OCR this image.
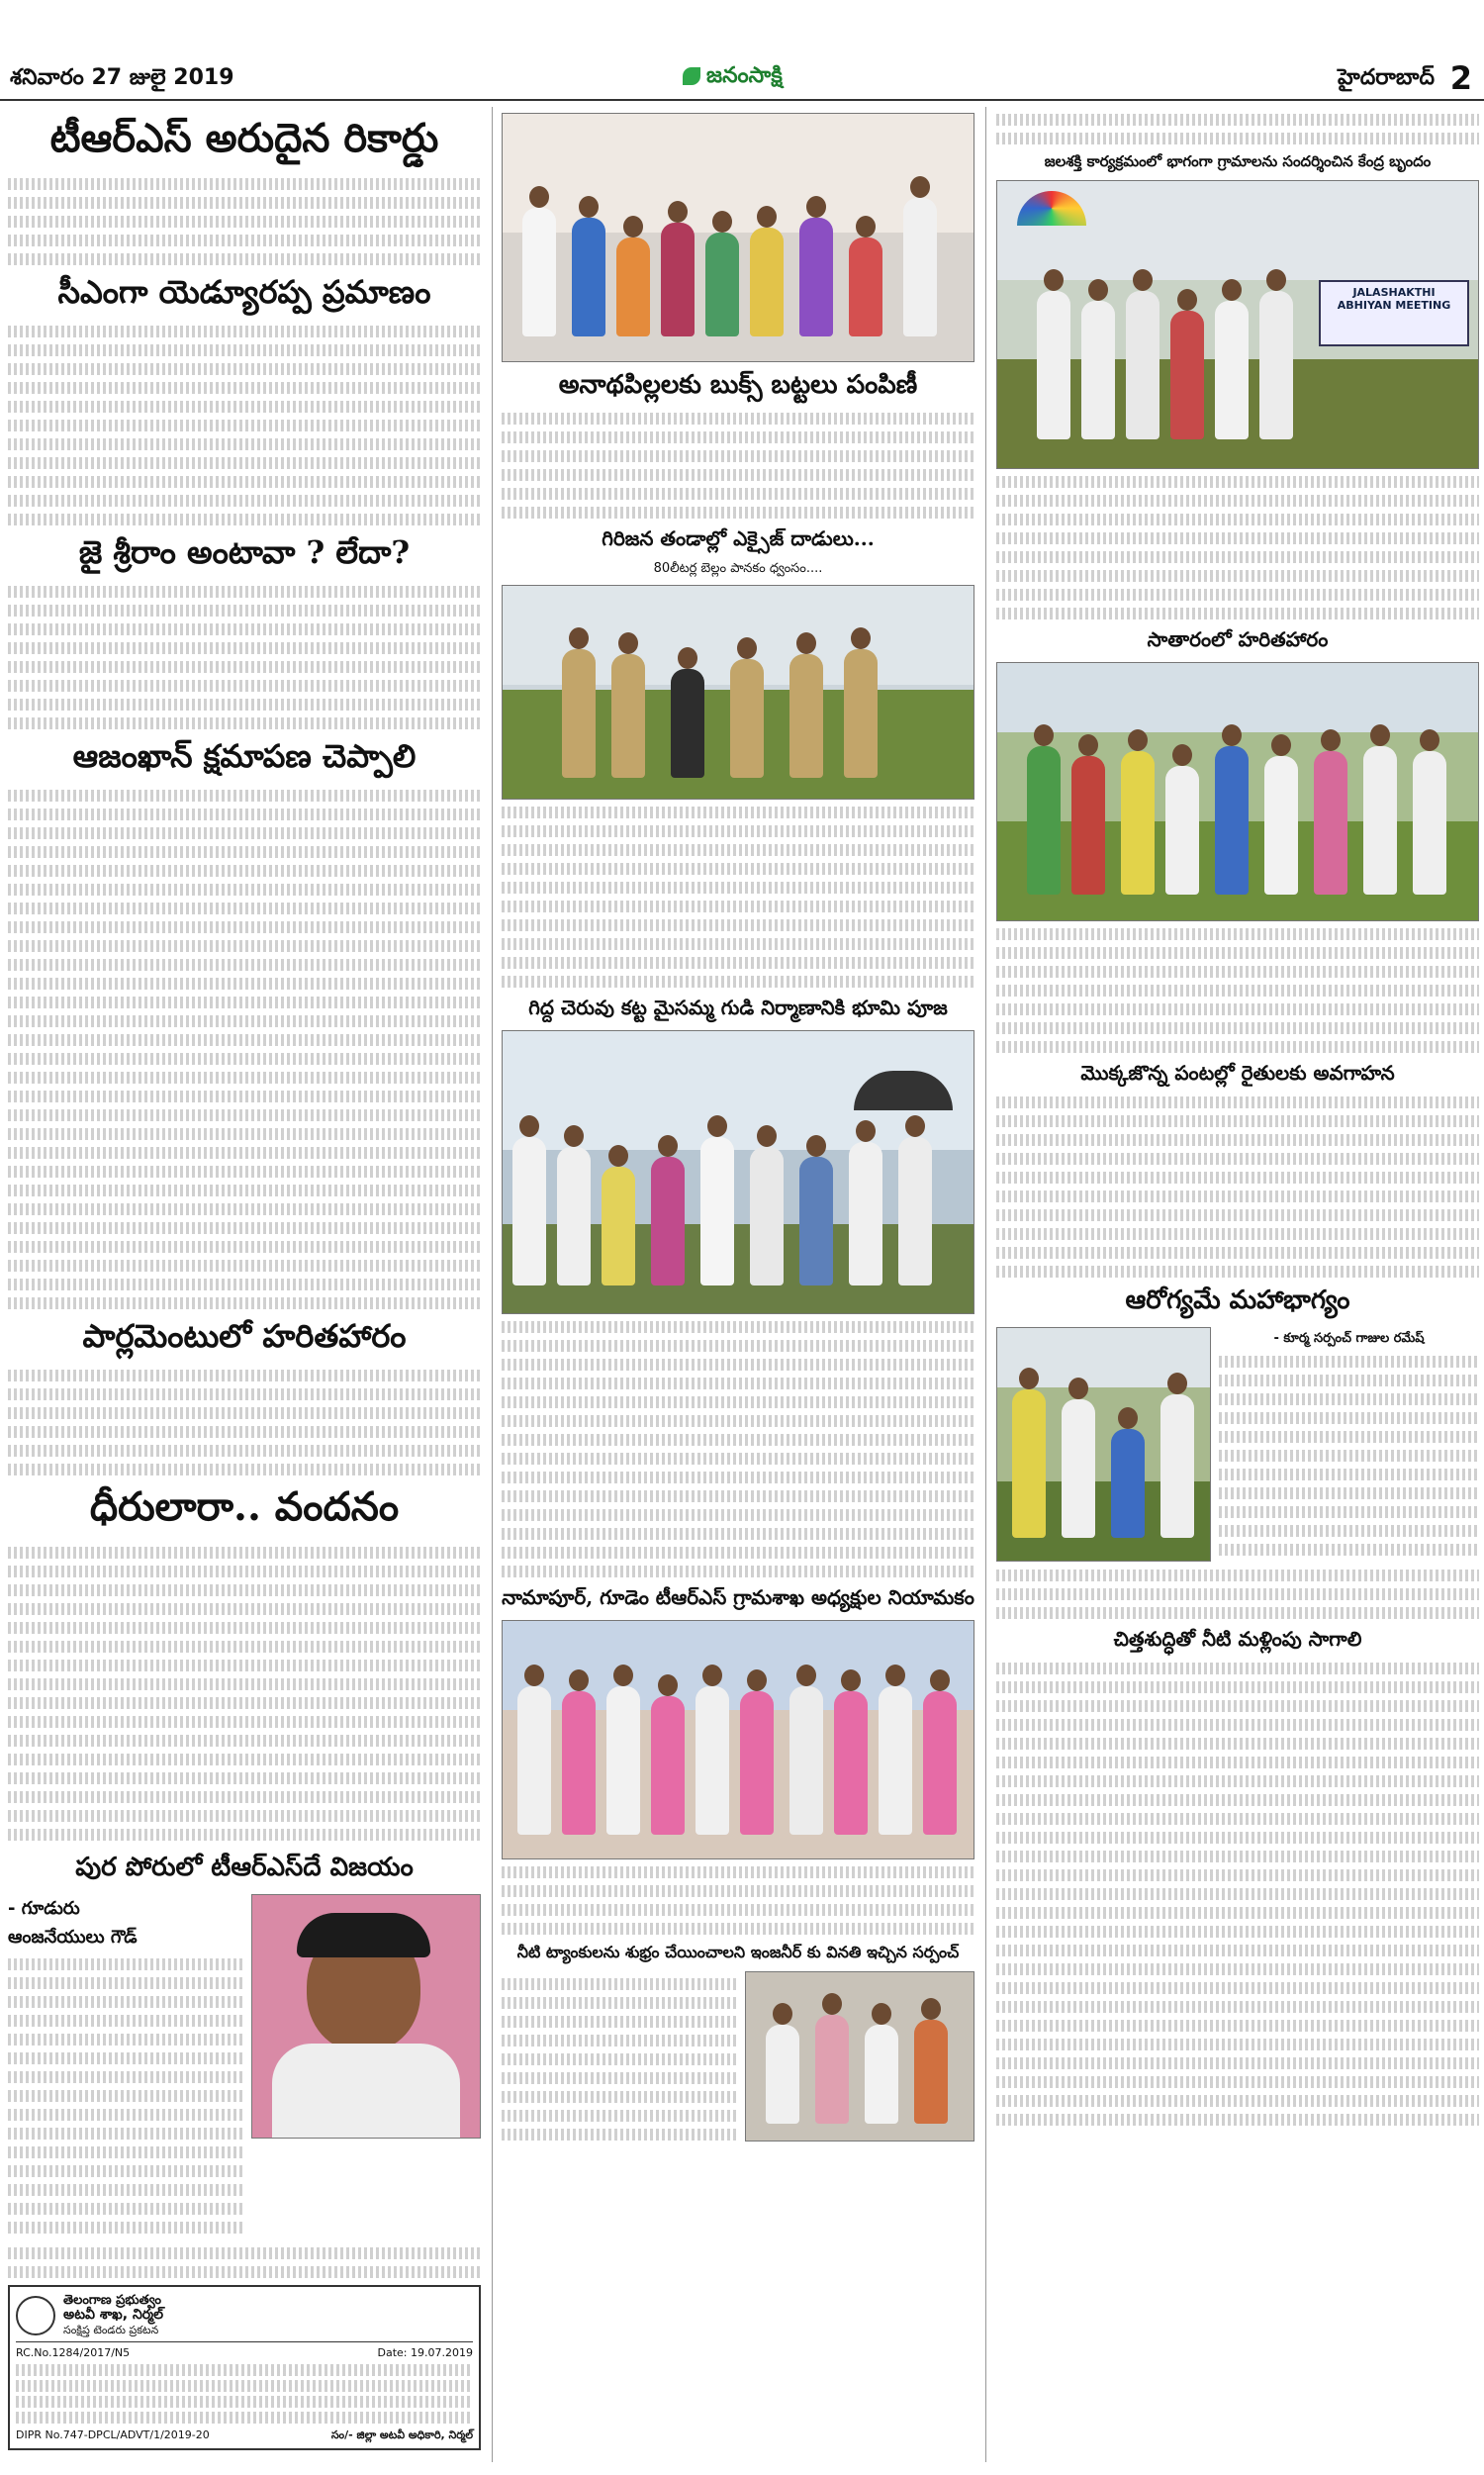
శనివారం 27 జులై 2019	జనంసాక్షి	హైదరాబాద్ 2
టీఆర్ఎస్ అరుదైన రికార్డు
సీఎంగా యెడ్యూరప్ప ప్రమాణం
జై శ్రీరాం అంటావా ? లేదా?
ఆజంఖాన్ క్షమాపణ చెప్పాలి
పార్లమెంటులో హరితహారం
ధీరులారా.. వందనం
పుర పోరులో టీఆర్ఎస్‌దే విజయం
- గూడురు
ఆంజనేయులు గౌడ్
తెలంగాణ ప్రభుత్వం
అటవీ శాఖ, నిర్మల్
సంక్షిప్త టెండరు ప్రకటన
RC.No.1284/2017/N5	Date: 19.07.2019
DIPR No.747-DPCL/ADVT/1/2019-20	సం/- జిల్లా అటవీ అధికారి, నిర్మల్
అనాథపిల్లలకు బుక్స్ బట్టలు పంపిణీ
గిరిజన తండాల్లో ఎక్సైజ్ దాడులు...
80లీటర్ల బెల్లం పానకం ధ్వంసం....
గిద్ద చెరువు కట్ట మైసమ్మ గుడి నిర్మాణానికి భూమి పూజ
నామాపూర్, గూడెం టీఆర్ఎస్ గ్రామశాఖ అధ్యక్షుల నియామకం
నీటి ట్యాంకులను శుభ్రం చేయించాలని ఇంజనీర్ కు వినతి ఇచ్చిన సర్పంచ్
జలశక్తి కార్యక్రమంలో భాగంగా గ్రామాలను సందర్శించిన కేంద్ర బృందం
JALASHAKTHI ABHIYAN MEETING
సాతారంలో హరితహారం
మొక్కజొన్న పంటల్లో రైతులకు అవగాహన
ఆరోగ్యమే మహాభాగ్యం
- కూర్మ సర్పంచ్ గాజుల రమేష్
చిత్తశుద్ధితో నీటి మళ్లింపు సాగాలి
